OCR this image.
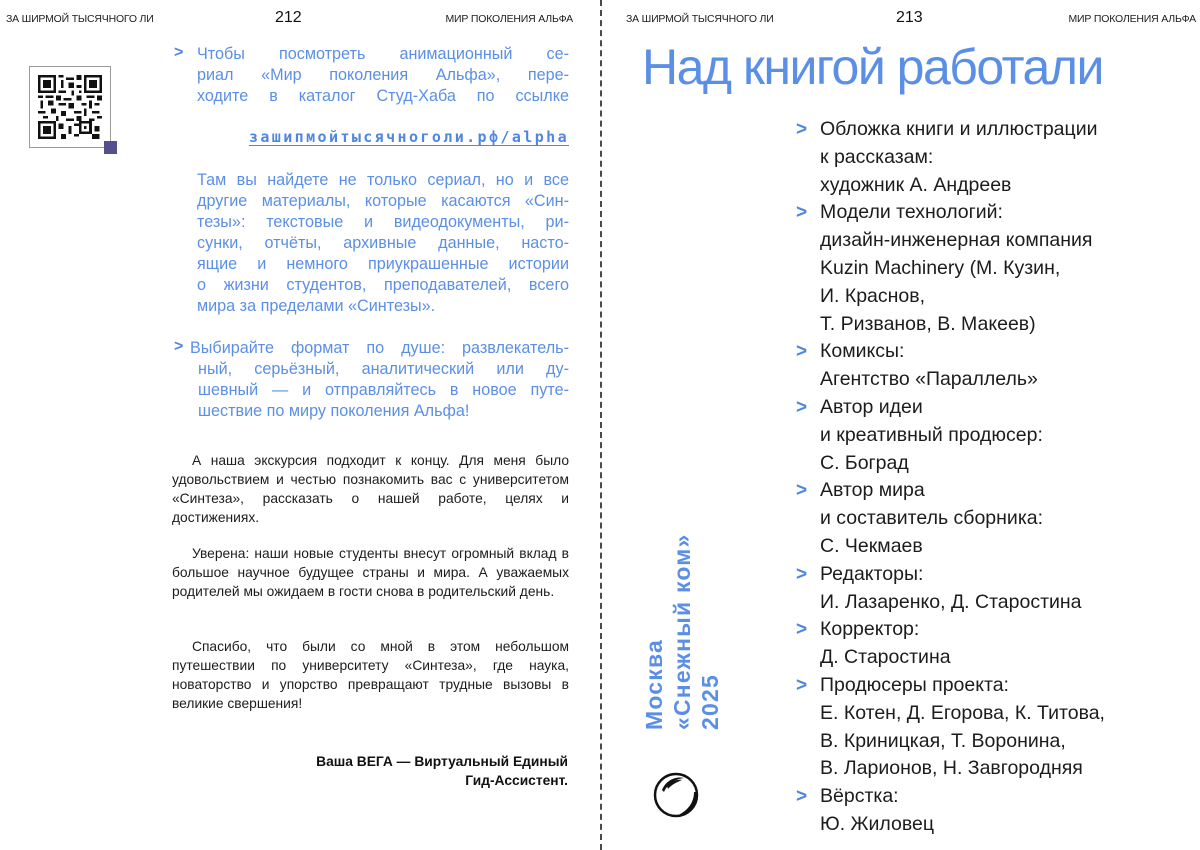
ЗА ШИРМОЙ ТЫСЯЧНОГО ЛИ	212	МИР ПОКОЛЕНИЯ АЛЬФА
> Чтобы посмотреть анимационный се-
риал «Мир поколения Альфа», пере-
ходите в каталог Студ-Хаба по ссылке
зашипмойтысячноголи.рф/alpha
Там вы найдете не только сериал, но и все
другие материалы, которые касаются «Син-
тезы»: текстовые и видеодокументы, ри-
сунки, отчёты, архивные данные, насто-
ящие и немного приукрашенные истории
о жизни студентов, преподавателей, всего
мира за пределами «Синтезы».
> Выбирайте формат по душе: развлекатель-
ный, серьёзный, аналитический или ду-
шевный — и отправляйтесь в новое путе-
шествие по миру поколения Альфа!

А наша экскурсия подходит к концу. Для меня было удовольствием и честью познакомить вас с университетом «Синтеза», рассказать о нашей работе, целях и достижениях.

Уверена: наши новые студенты внесут огромный вклад в большое научное будущее страны и мира. А уважаемых родителей мы ожидаем в гости снова в родительский день.

Спасибо, что были со мной в этом небольшом путешествии по университету «Синтеза», где наука, новаторство и упорство превращают трудные вызовы в великие свершения!

Ваша ВЕГА — Виртуальный Единый
Гид-Ассистент.
ЗА ШИРМОЙ ТЫСЯЧНОГО ЛИ	213	МИР ПОКОЛЕНИЯ АЛЬФА
Над книгой работали
> Обложка книги и иллюстрации
к рассказам:
художник А. Андреев
> Модели технологий:
дизайн-инженерная компания
Kuzin Machinery (М. Кузин,
И. Краснов,
Т. Ризванов, В. Макеев)
> Комиксы:
Агентство «Параллель»
> Автор идеи
и креативный продюсер:
С. Боград
> Автор мира
и составитель сборника:
С. Чекмаев
> Редакторы:
И. Лазаренко, Д. Старостина
> Корректор:
Д. Старостина
> Продюсеры проекта:
Е. Котен, Д. Егорова, К. Титова,
В. Криницкая, Т. Воронина,
В. Ларионов, Н. Завгородняя
> Вёрстка:
Ю. Жиловец
Москва «Снежный ком» 2025
